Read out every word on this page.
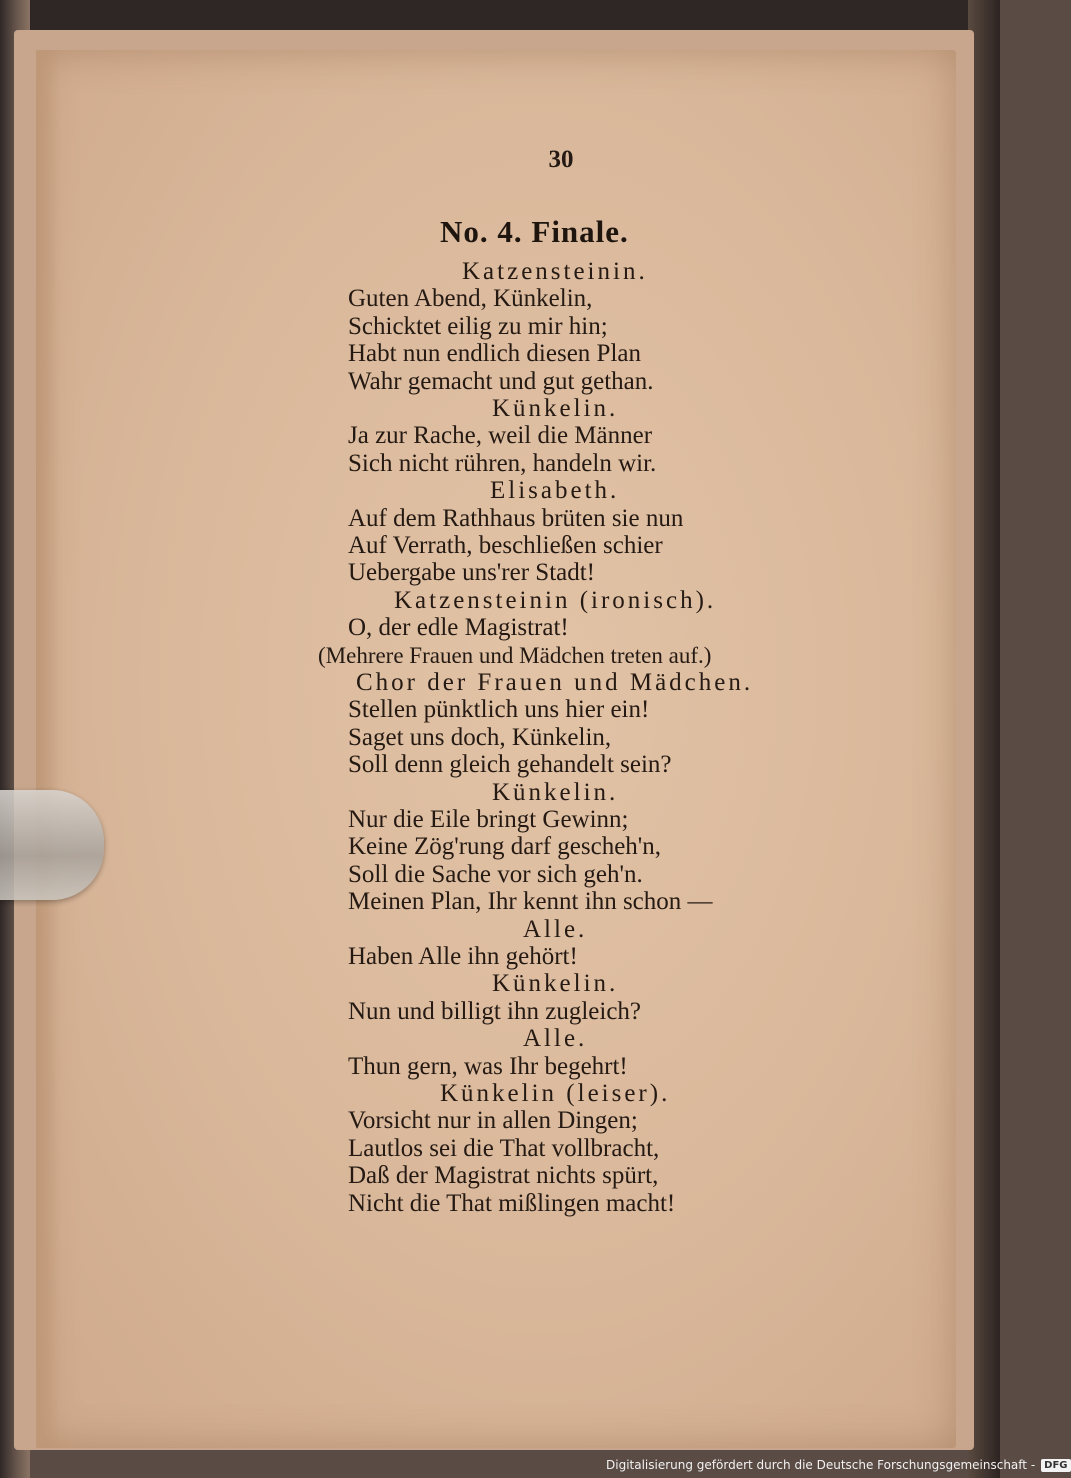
30
No. 4. Finale.
Katzensteinin.
Guten Abend, Künkelin,
Schicktet eilig zu mir hin;
Habt nun endlich diesen Plan
Wahr gemacht und gut gethan.
Künkelin.
Ja zur Rache, weil die Männer
Sich nicht rühren, handeln wir.
Elisabeth.
Auf dem Rathhaus brüten sie nun
Auf Verrath, beschließen schier
Uebergabe uns'rer Stadt!
Katzensteinin (ironisch).
O, der edle Magistrat!
(Mehrere Frauen und Mädchen treten auf.)
Chor der Frauen und Mädchen.
Stellen pünktlich uns hier ein!
Saget uns doch, Künkelin,
Soll denn gleich gehandelt sein?
Künkelin.
Nur die Eile bringt Gewinn;
Keine Zög'rung darf gescheh'n,
Soll die Sache vor sich geh'n.
Meinen Plan, Ihr kennt ihn schon —
Alle.
Haben Alle ihn gehört!
Künkelin.
Nun und billigt ihn zugleich?
Alle.
Thun gern, was Ihr begehrt!
Künkelin (leiser).
Vorsicht nur in allen Dingen;
Lautlos sei die That vollbracht,
Daß der Magistrat nichts spürt,
Nicht die That mißlingen macht!
Digitalisierung gefördert durch die Deutsche Forschungsgemeinschaft - DFG
